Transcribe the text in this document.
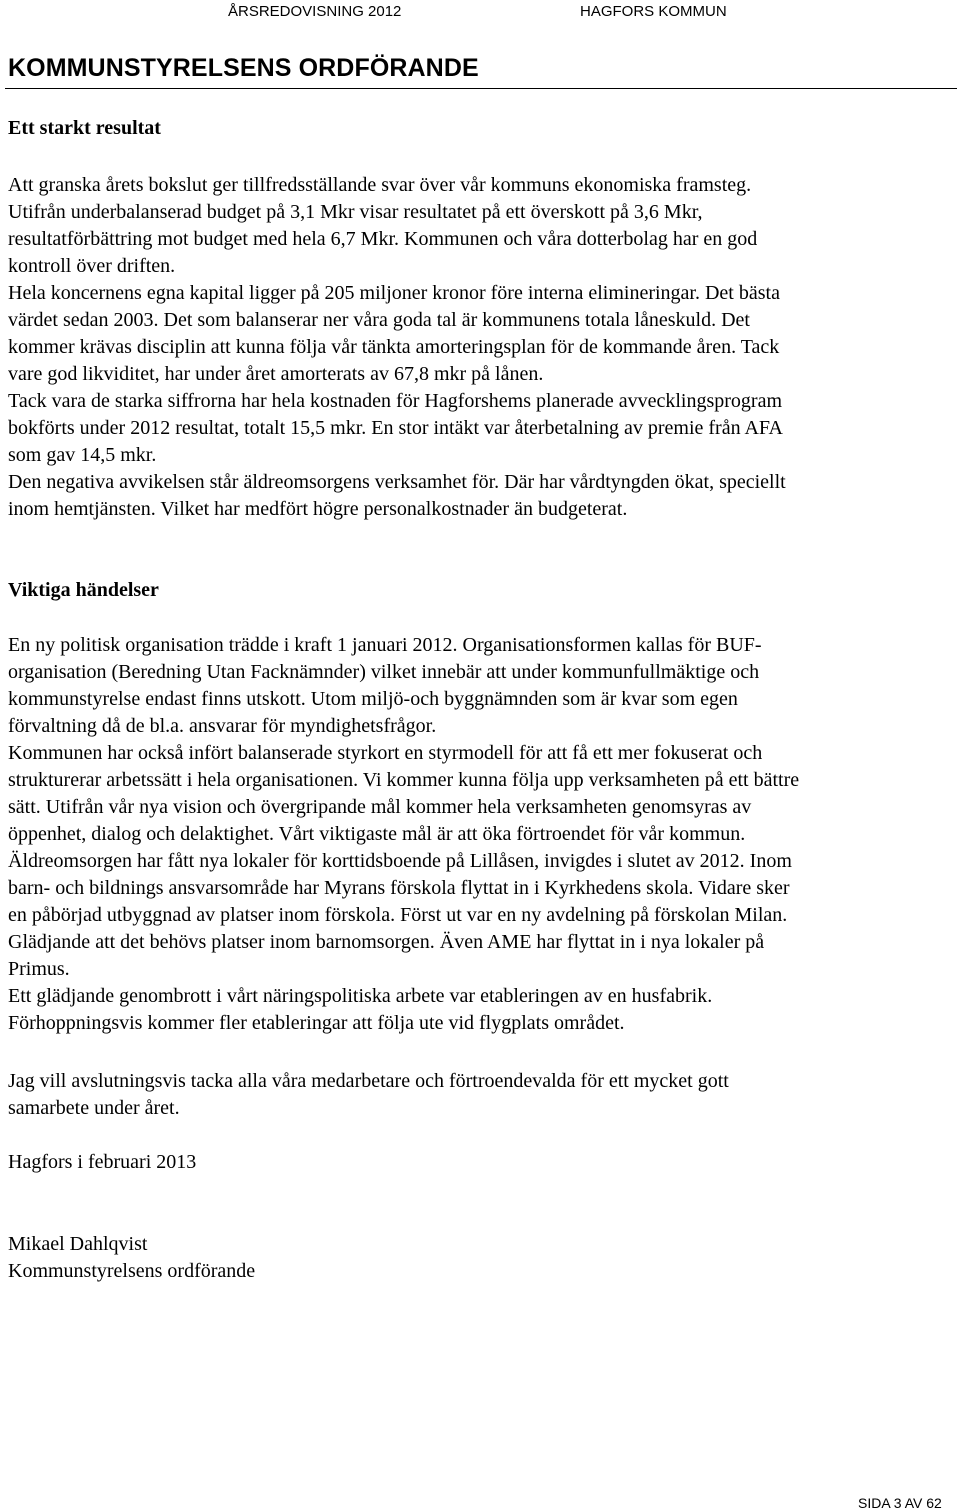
ÅRSREDOVISNING 2012	HAGFORS KOMMUN
KOMMUNSTYRELSENS ORDFÖRANDE
Ett starkt resultat

Att granska årets bokslut ger tillfredsställande svar över vår kommuns ekonomiska framsteg.
Utifrån underbalanserad budget på 3,1 Mkr visar resultatet på ett överskott på 3,6 Mkr,
resultatförbättring mot budget med hela 6,7 Mkr. Kommunen och våra dotterbolag har en god
kontroll över driften.

Hela koncernens egna kapital ligger på 205 miljoner kronor före interna elimineringar. Det bästa
värdet sedan 2003. Det som balanserar ner våra goda tal är kommunens totala låneskuld. Det
kommer krävas disciplin att kunna följa vår tänkta amorteringsplan för de kommande åren. Tack
vare god likviditet, har under året amorterats av 67,8 mkr på lånen.
Tack vara de starka siffrorna har hela kostnaden för Hagforshems planerade avvecklingsprogram
bokförts under 2012 resultat, totalt 15,5 mkr. En stor intäkt var återbetalning av premie från AFA
som gav 14,5 mkr.
Den negativa avvikelsen står äldreomsorgens verksamhet för. Där har vårdtyngden ökat, speciellt
inom hemtjänsten. Vilket har medfört högre personalkostnader än budgeterat.

Viktiga händelser

En ny politisk organisation trädde i kraft 1 januari 2012. Organisationsformen kallas för BUF-
organisation (Beredning Utan Facknämnder) vilket innebär att under kommunfullmäktige och
kommunstyrelse endast finns utskott. Utom miljö-och byggnämnden som är kvar som egen
förvaltning då de bl.a. ansvarar för myndighetsfrågor.
Kommunen har också infört balanserade styrkort en styrmodell för att få ett mer fokuserat och
strukturerar arbetssätt i hela organisationen. Vi kommer kunna följa upp verksamheten på ett bättre
sätt. Utifrån vår nya vision och övergripande mål kommer hela verksamheten genomsyras av
öppenhet, dialog och delaktighet. Vårt viktigaste mål är att öka förtroendet för vår kommun.
Äldreomsorgen har fått nya lokaler för korttidsboende på Lillåsen, invigdes i slutet av 2012. Inom
barn- och bildnings ansvarsområde har Myrans förskola flyttat in i Kyrkhedens skola. Vidare sker
en påbörjad utbyggnad av platser inom förskola. Först ut var en ny avdelning på förskolan Milan.
Glädjande att det behövs platser inom barnomsorgen. Även AME har flyttat in i nya lokaler på
Primus.
Ett glädjande genombrott i vårt näringspolitiska arbete var etableringen av en husfabrik.
Förhoppningsvis kommer fler etableringar att följa ute vid flygplats området.

Jag vill avslutningsvis tacka alla våra medarbetare och förtroendevalda för ett mycket gott
samarbete under året.

Hagfors i februari 2013

Mikael Dahlqvist
Kommunstyrelsens ordförande

SIDA 3 AV 62
